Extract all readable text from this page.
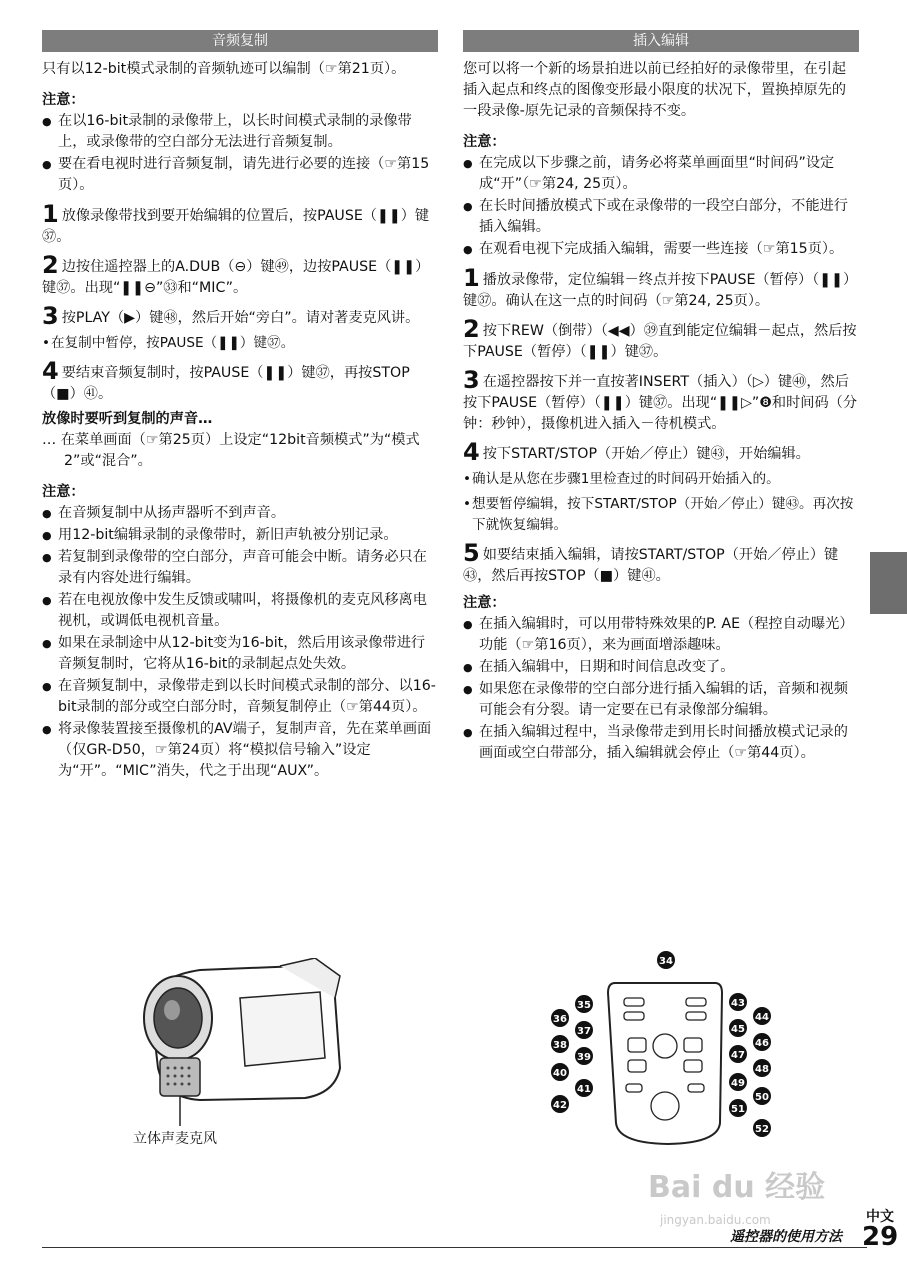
音频复制

只有以12-bit模式录制的音频轨迹可以编制（☞第21页）。

注意：
● 在以16-bit录制的录像带上，以长时间模式录制的录像带上，或录像带的空白部分无法进行音频复制。
● 要在看电视时进行音频复制，请先进行必要的连接（☞第15页）。
1 放像录像带找到要开始编辑的位置后，按PAUSE（❚❚）键㊲。
2 边按住遥控器上的A.DUB（⊖）键㊾，边按PAUSE（❚❚）键㊲。出现“❚❚⊖”㉝和“MIC”。
3 按PLAY（▶）键㊽，然后开始“旁白”。请对著麦克风讲。
• 在复制中暂停，按PAUSE（❚❚）键㊲。
4 要结束音频复制时，按PAUSE（❚❚）键㊲，再按STOP（■）㊶。
放像时要听到复制的声音…
… 在菜单画面（☞第25页）上设定“12bit音频模式”为“模式 2”或“混合”。
注意：
● 在音频复制中从扬声器听不到声音。
● 用12-bit编辑录制的录像带时，新旧声轨被分别记录。
● 若复制到录像带的空白部分，声音可能会中断。请务必只在录有内容处进行编辑。
● 若在电视放像中发生反馈或啸叫，将摄像机的麦克风移离电视机，或调低电视机音量。
● 如果在录制途中从12-bit变为16-bit，然后用该录像带进行音频复制时，它将从16-bit的录制起点处失效。
● 在音频复制中，录像带走到以长时间模式录制的部分、以16-bit录制的部分或空白部分时，音频复制停止（☞第44页）。
● 将录像装置接至摄像机的AV端子，复制声音，先在菜单画面（仅GR-D50，☞第24页）将“模拟信号输入”设定为“开”。“MIC”消失，代之于出现“AUX”。
插入编辑

您可以将一个新的场景拍进以前已经拍好的录像带里，在引起插入起点和终点的图像变形最小限度的状况下，置换掉原先的一段录像-原先记录的音频保持不变。

注意：
● 在完成以下步骤之前，请务必将菜单画面里“时间码”设定成“开”（☞第24, 25页）。
● 在长时间播放模式下或在录像带的一段空白部分，不能进行插入编辑。
● 在观看电视下完成插入编辑，需要一些连接（☞第15页）。
1 播放录像带，定位编辑－终点并按下PAUSE（暂停）（❚❚）键㊲。确认在这一点的时间码（☞第24, 25页）。
2 按下REW（倒带）（◀◀）㊴直到能定位编辑－起点，然后按下PAUSE（暂停）（❚❚）键㊲。
3 在遥控器按下并一直按著INSERT（插入）（▷）键㊵，然后按下PAUSE（暂停）（❚❚）键㊲。出现“❚❚▷”❽和时间码（分钟：秒钟），摄像机进入插入－待机模式。
4 按下START/STOP（开始／停止）键㊸，开始编辑。
• 确认是从您在步骤1里检查过的时间码开始插入的。
• 想要暂停编辑，按下START/STOP（开始／停止）键㊸。再次按下就恢复编辑。
5 如要结束插入编辑，请按START/STOP（开始／停止）键㊸，然后再按STOP（■）键㊶。
注意：
● 在插入编辑时，可以用带特殊效果的P. AE（程控自动曝光）功能（☞第16页），来为画面增添趣味。
● 在插入编辑中，日期和时间信息改变了。
● 如果您在录像带的空白部分进行插入编辑的话，音频和视频可能会有分裂。请一定要在已有录像部分编辑。
● 在插入编辑过程中，当录像带走到用长时间播放模式记录的画面或空白带部分，插入编辑就会停止（☞第44页）。
立体声麦克风
34
35
36
37
38
39
40
41
42
43
44
45
46
47
48
49
50
51
52
Bai du 经验
jingyan.baidu.com	中文
遥控器的使用方法 29
